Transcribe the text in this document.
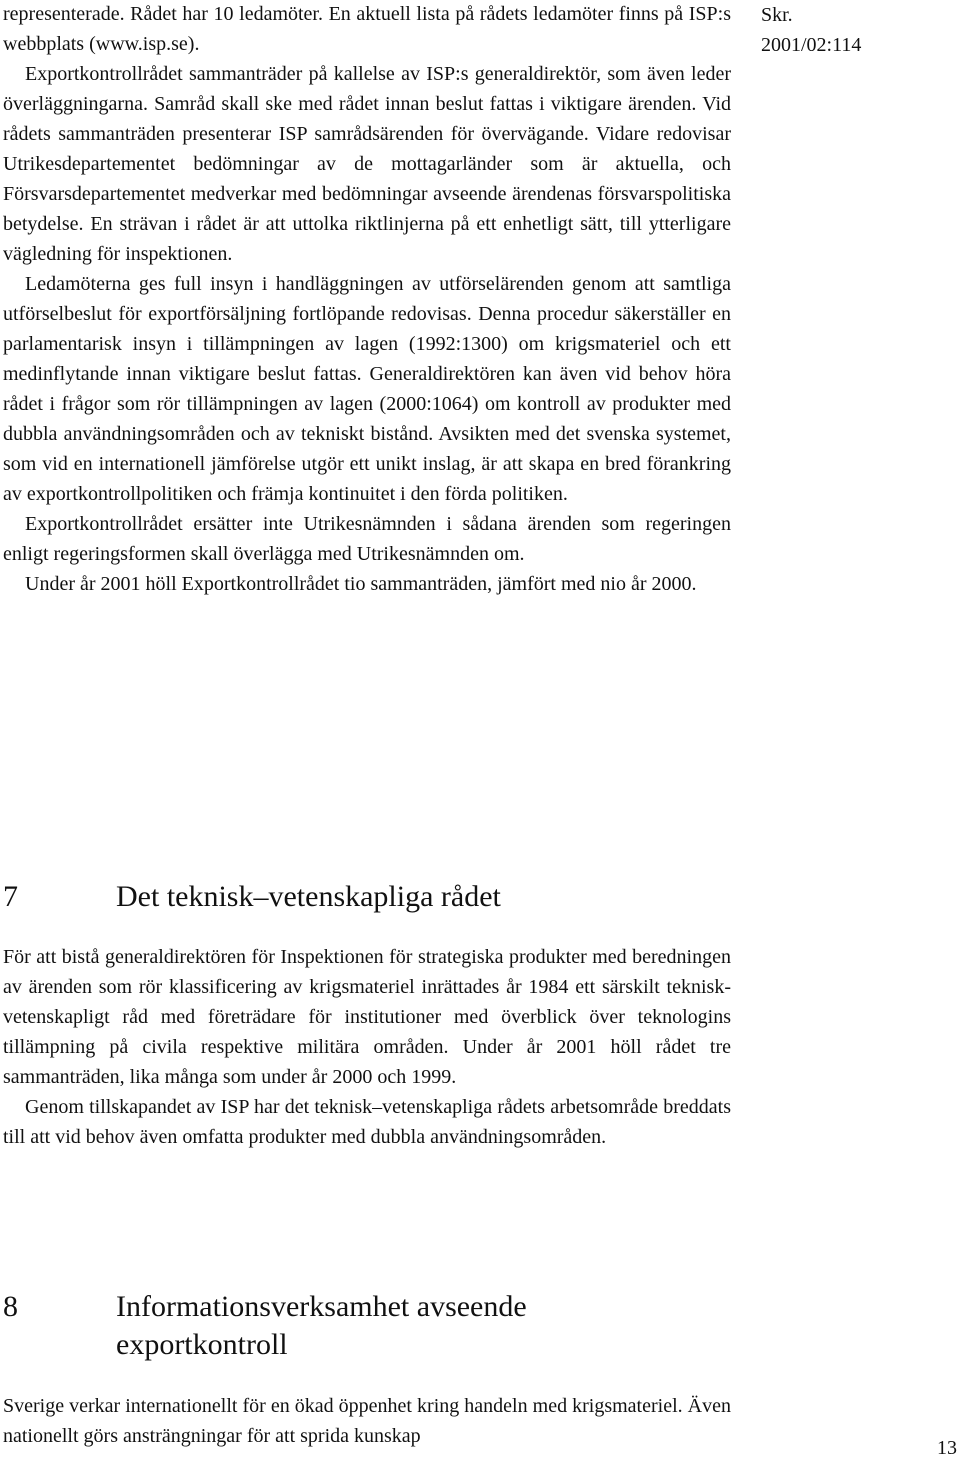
representerade. Rådet har 10 ledamöter. En aktuell lista på rådets ledamöter finns på ISP:s webbplats (www.isp.se).

Exportkontrollrådet sammanträder på kallelse av ISP:s generaldirektör, som även leder överläggningarna. Samråd skall ske med rådet innan beslut fattas i viktigare ärenden. Vid rådets sammanträden presenterar ISP samrådsärenden för övervägande. Vidare redovisar Utrikesdepartementet bedömningar av de mottagarländer som är aktuella, och Försvarsdepartementet medverkar med bedömningar avseende ärendenas försvarspolitiska betydelse. En strävan i rådet är att uttolka riktlinjerna på ett enhetligt sätt, till ytterligare vägledning för inspektionen.

Ledamöterna ges full insyn i handläggningen av utförselärenden genom att samtliga utförselbeslut för exportförsäljning fortlöpande redovisas. Denna procedur säkerställer en parlamentarisk insyn i tillämpningen av lagen (1992:1300) om krigsmateriel och ett medinflytande innan viktigare beslut fattas. Generaldirektören kan även vid behov höra rådet i frågor som rör tillämpningen av lagen (2000:1064) om kontroll av produkter med dubbla användningsområden och av tekniskt bistånd. Avsikten med det svenska systemet, som vid en internationell jämförelse utgör ett unikt inslag, är att skapa en bred förankring av exportkontrollpolitiken och främja kontinuitet i den förda politiken.

Exportkontrollrådet ersätter inte Utrikesnämnden i sådana ärenden som regeringen enligt regeringsformen skall överlägga med Utrikesnämnden om.

Under år 2001 höll Exportkontrollrådet tio sammanträden, jämfört med nio år 2000.

Skr.
2001/02:114
7	Det teknisk–vetenskapliga rådet

För att bistå generaldirektören för Inspektionen för strategiska produkter med beredningen av ärenden som rör klassificering av krigsmateriel inrättades år 1984 ett särskilt teknisk-vetenskapligt råd med företrädare för institutioner med överblick över teknologins tillämpning på civila respektive militära områden. Under år 2001 höll rådet tre sammanträden, lika många som under år 2000 och 1999.

Genom tillskapandet av ISP har det teknisk–vetenskapliga rådets arbetsområde breddats till att vid behov även omfatta produkter med dubbla användningsområden.

8	Informationsverksamhet avseende exportkontroll

Sverige verkar internationellt för en ökad öppenhet kring handeln med krigsmateriel. Även nationellt görs ansträngningar för att sprida kunskap

13
